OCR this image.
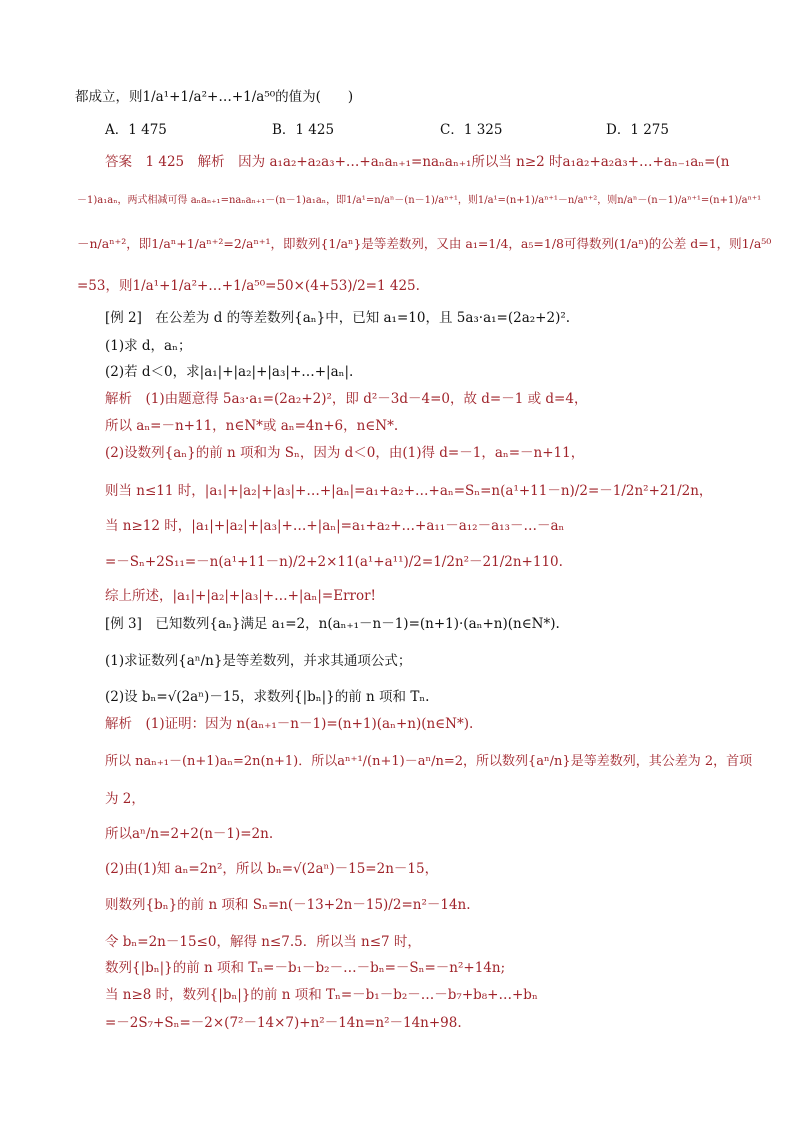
都成立，则1/a¹+1/a²+…+1/a⁵⁰的值为(　　)
A．1 475	B．1 425	C．1 325	D．1 275
答案　1 425　解析　因为 a₁a₂+a₂a₃+…+aₙaₙ₊₁=naₙaₙ₊₁所以当 n≥2 时a₁a₂+a₂a₃+…+aₙ₋₁aₙ=(n
－1)a₁aₙ，两式相减可得 aₙaₙ₊₁=naₙaₙ₊₁－(n－1)a₁aₙ，即1/a¹=n/aⁿ－(n－1)/aⁿ⁺¹，则1/a¹=(n+1)/aⁿ⁺¹－n/aⁿ⁺²，则n/aⁿ－(n－1)/aⁿ⁺¹=(n+1)/aⁿ⁺¹
－n/aⁿ⁺²，即1/aⁿ+1/aⁿ⁺²=2/aⁿ⁺¹，即数列{1/aⁿ}是等差数列，又由 a₁=1/4，a₅=1/8可得数列(1/aⁿ)的公差 d=1，则1/a⁵⁰
=53，则1/a¹+1/a²+…+1/a⁵⁰=50×(4+53)/2=1 425.
[例 2]　在公差为 d 的等差数列{aₙ}中，已知 a₁=10，且 5a₃·a₁=(2a₂+2)².
(1)求 d，aₙ；
(2)若 d＜0，求|a₁|+|a₂|+|a₃|+…+|aₙ|.
解析　(1)由题意得 5a₃·a₁=(2a₂+2)²，即 d²－3d－4=0，故 d=－1 或 d=4，
所以 aₙ=－n+11，n∈N*或 aₙ=4n+6，n∈N*.
(2)设数列{aₙ}的前 n 项和为 Sₙ，因为 d＜0，由(1)得 d=－1，aₙ=－n+11，
则当 n≤11 时，|a₁|+|a₂|+|a₃|+…+|aₙ|=a₁+a₂+…+aₙ=Sₙ=n(a¹+11－n)/2=－1/2n²+21/2n，
当 n≥12 时，|a₁|+|a₂|+|a₃|+…+|aₙ|=a₁+a₂+…+a₁₁－a₁₂－a₁₃－…－aₙ
=－Sₙ+2S₁₁=－n(a¹+11－n)/2+2×11(a¹+a¹¹)/2=1/2n²－21/2n+110.
综上所述，|a₁|+|a₂|+|a₃|+…+|aₙ|=Error!
[例 3]　已知数列{aₙ}满足 a₁=2，n(aₙ₊₁－n－1)=(n+1)·(aₙ+n)(n∈N*).
(1)求证数列{aⁿ/n}是等差数列，并求其通项公式；
(2)设 bₙ=√(2aⁿ)－15，求数列{|bₙ|}的前 n 项和 Tₙ.
解析　(1)证明：因为 n(aₙ₊₁－n－1)=(n+1)(aₙ+n)(n∈N*).
所以 naₙ₊₁－(n+1)aₙ=2n(n+1)．所以aⁿ⁺¹/(n+1)－aⁿ/n=2，所以数列{aⁿ/n}是等差数列，其公差为 2，首项
为 2，
所以aⁿ/n=2+2(n－1)=2n.
(2)由(1)知 aₙ=2n²，所以 bₙ=√(2aⁿ)－15=2n－15，
则数列{bₙ}的前 n 项和 Sₙ=n(－13+2n－15)/2=n²－14n.
令 bₙ=2n－15≤0，解得 n≤7.5．所以当 n≤7 时，
数列{|bₙ|}的前 n 项和 Tₙ=－b₁－b₂－…－bₙ=－Sₙ=－n²+14n;
当 n≥8 时，数列{|bₙ|}的前 n 项和 Tₙ=－b₁－b₂－…－b₇+b₈+…+bₙ
=－2S₇+Sₙ=－2×(7²－14×7)+n²－14n=n²－14n+98.
